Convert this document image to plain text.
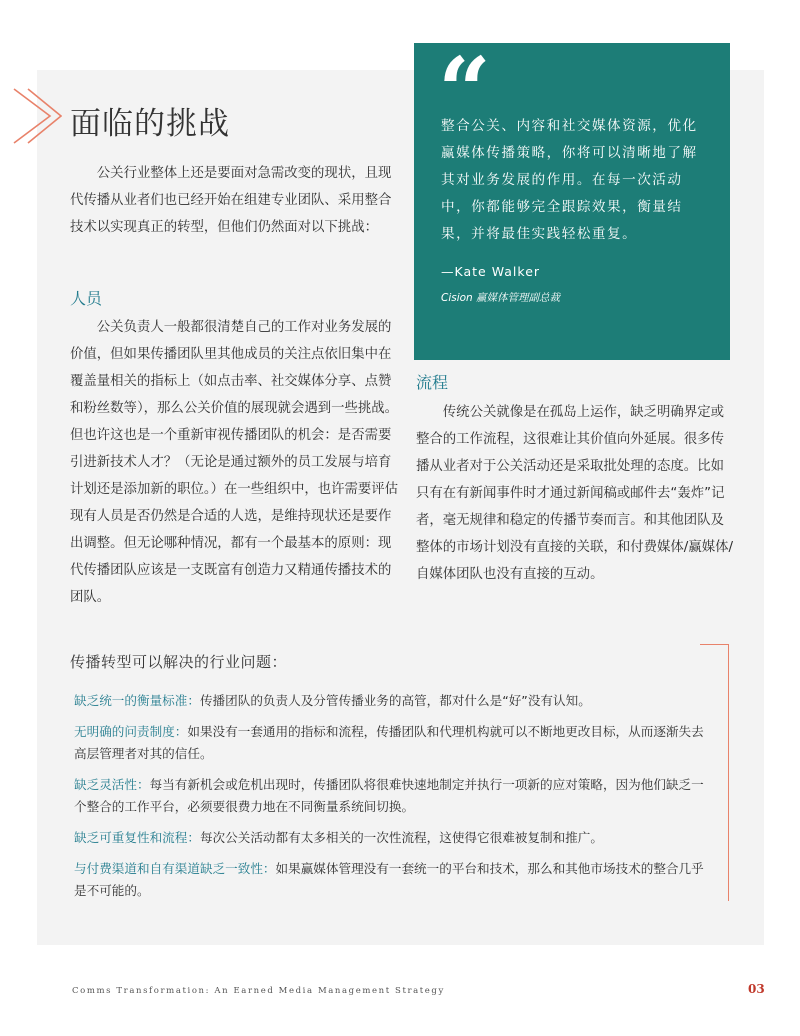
面临的挑战

公关行业整体上还是要面对急需改变的现状，且现代传播从业者们也已经开始在组建专业团队、采用整合技术以实现真正的转型，但他们仍然面对以下挑战：

人员

公关负责人一般都很清楚自己的工作对业务发展的价值，但如果传播团队里其他成员的关注点依旧集中在覆盖量相关的指标上（如点击率、社交媒体分享、点赞和粉丝数等），那么公关价值的展现就会遇到一些挑战。但也许这也是一个重新审视传播团队的机会：是否需要引进新技术人才？（无论是通过额外的员工发展与培育计划还是添加新的职位。）在一些组织中，也许需要评估现有人员是否仍然是合适的人选，是维持现状还是要作出调整。但无论哪种情况，都有一个最基本的原则：现代传播团队应该是一支既富有创造力又精通传播技术的团队。

“

整合公关、内容和社交媒体资源，优化赢媒体传播策略，你将可以清晰地了解其对业务发展的作用。在每一次活动中，你都能够完全跟踪效果，衡量结果，并将最佳实践轻松重复。

—Kate Walker
Cision 赢媒体管理副总裁
流程

传统公关就像是在孤岛上运作，缺乏明确界定或整合的工作流程，这很难让其价值向外延展。很多传播从业者对于公关活动还是采取批处理的态度。比如只有在有新闻事件时才通过新闻稿或邮件去“轰炸”记者，毫无规律和稳定的传播节奏而言。和其他团队及整体的市场计划没有直接的关联，和付费媒体/赢媒体/自媒体团队也没有直接的互动。

传播转型可以解决的行业问题：
缺乏统一的衡量标准：传播团队的负责人及分管传播业务的高管，都对什么是“好”没有认知。
无明确的问责制度：如果没有一套通用的指标和流程，传播团队和代理机构就可以不断地更改目标，从而逐渐失去高层管理者对其的信任。
缺乏灵活性：每当有新机会或危机出现时，传播团队将很难快速地制定并执行一项新的应对策略，因为他们缺乏一个整合的工作平台，必须要很费力地在不同衡量系统间切换。
缺乏可重复性和流程：每次公关活动都有太多相关的一次性流程，这使得它很难被复制和推广。
与付费渠道和自有渠道缺乏一致性：如果赢媒体管理没有一套统一的平台和技术，那么和其他市场技术的整合几乎是不可能的。
Comms Transformation: An Earned Media Management Strategy	03
